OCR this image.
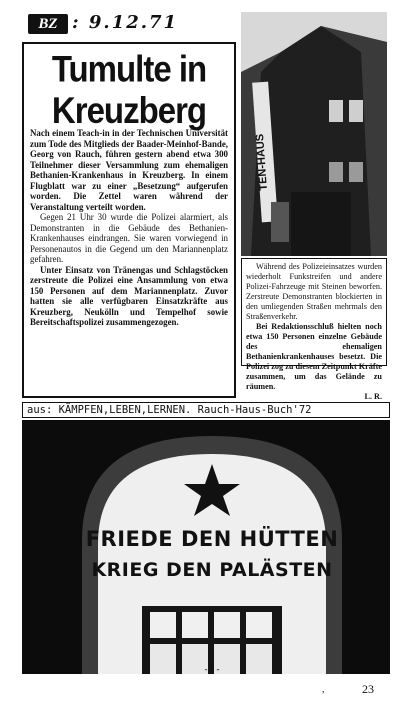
BZ : 9.12.71
Tumulte in Kreuzberg

Nach einem Teach-in in der Technischen Universität zum Tode des Mitglieds der Baader-Meinhof-Bande, Georg von Rauch, führen gestern abend etwa 300 Teilnehmer dieser Versammlung zum ehemaligen Bethanien-Krankenhaus in Kreuzberg. In einem Flugblatt war zu einer „Besetzung“ aufgerufen worden. Die Zettel waren während der Veranstaltung verteilt worden.

Gegen 21 Uhr 30 wurde die Polizei alarmiert, als Demonstranten in die Gebäude des Bethanien-Krankenhauses eindrangen. Sie waren vorwiegend in Personenautos in die Gegend um den Mariannenplatz gefahren.

Unter Einsatz von Tränengas und Schlagstöcken zerstreute die Polizei eine Ansammlung von etwa 150 Personen auf dem Mariannenplatz. Zuvor hatten sie alle verfügbaren Einsatzkräfte aus Kreuzberg, Neukölln und Tempelhof sowie Bereitschaftspolizei zusammengezogen.

TEN-HAUS

Während des Polizeieinsatzes wurden wiederholt Funkstreifen und andere Polizei-Fahrzeuge mit Steinen beworfen. Zerstreute Demonstranten blockierten in den umliegenden Straßen mehrmals den Straßenverkehr.

Bei Redaktionsschluß hielten noch etwa 150 Personen einzelne Gebäude des ehemaligen Bethanienkrankenhauses besetzt. Die Polizei zog zu diesem Zeitpunkt Kräfte zusammen, um das Gelände zu räumen.

L. R.

aus: KÄMPFEN,LEBEN,LERNEN. Rauch-Haus-Buch'72
FRIEDE DEN HÜTTEN
KRIEG DEN PALÄSTEN
- 2 -
,	23
